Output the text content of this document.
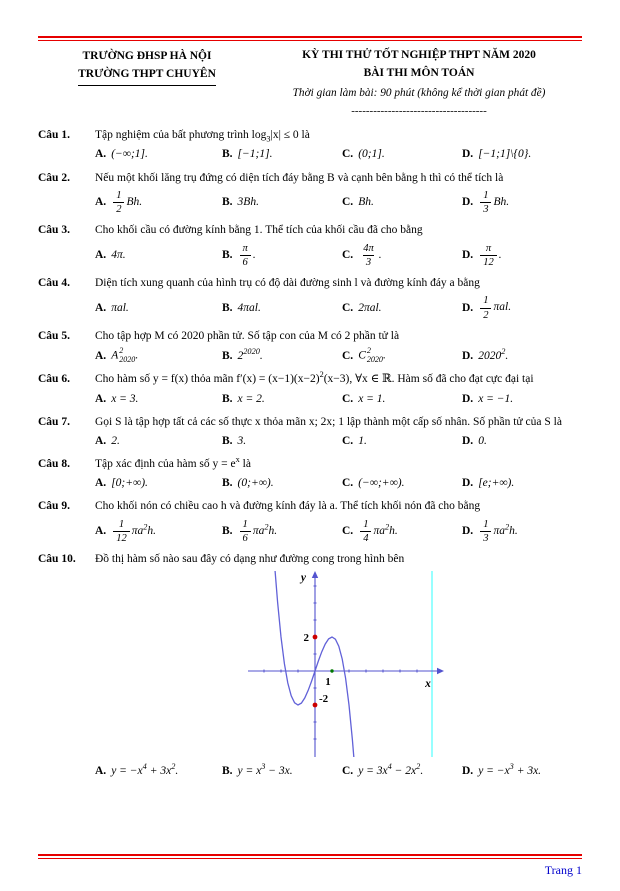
TRƯỜNG ĐHSP HÀ NỘI
TRƯỜNG THPT CHUYÊN
KỲ THI THỬ TỐT NGHIỆP THPT NĂM 2020
BÀI THI MÔN TOÁN
Thời gian làm bài: 90 phút (không kể thời gian phát đề)
-------------------------------------
Câu 1.	Tập nghiệm của bất phương trình $\log_3|x| \le 0$ là
A. (−∞;1].	B. [−1;1].	C. (0;1].	D. [−1;1]\{0}.
Câu 2.	Nếu một khối lăng trụ đứng có diện tích đáy bằng B và cạnh bên bằng h thì có thể tích là
A. $\frac{1}{2} Bh$.	B. 3Bh.	C. Bh.	D. $\frac{1}{3} Bh$.
Câu 3.	Cho khối cầu có đường kính bằng 1. Thể tích của khối cầu đã cho bằng
A. 4π.	B. $\frac{\pi}{6}$ .	C. $\frac{4\pi}{3}$ .	D. $\frac{\pi}{12}$ .
Câu 4.	Diện tích xung quanh của hình trụ có độ dài đường sinh l và đường kính đáy a bằng
A. πal.	B. 4πal.	C. 2πal.	D. $\frac{1}{2} \pi al$.
Câu 5.	Cho tập hợp M có 2020 phần tử. Số tập con của M có 2 phần tử là
A. A 2
2020 .	B. $2^{2020}$.	C. C 2
2020 .	D. 2020$^2$.
Câu 6.	Cho hàm số y = f(x) thỏa mãn $f'(x) = (x-1)(x-2)^2(x-3)$, ∀x ∈ ℝ. Hàm số đã cho đạt cực đại tại
A. x = 3.	B. x = 2.	C. x = 1.	D. x = −1.
Câu 7.	Gọi S là tập hợp tất cả các số thực x thỏa mãn x; 2x; 1 lập thành một cấp số nhân. Số phần tử của S là
A. 2.	B. 3.	C. 1.	D. 0.
Câu 8.	Tập xác định của hàm số $y = e^x$ là
A. [0;+∞).	B. (0;+∞).	C. (−∞;+∞).	D. [e;+∞).
Câu 9.	Cho khối nón có chiều cao h và đường kính đáy là a. Thể tích khối nón đã cho bằng
A. $\frac{1}{12} \pi a^2h$.	B. $\frac{1}{6} \pi a^2h$.	C. $\frac{1}{4} \pi a^2h$.	D. $\frac{1}{3} \pi a^2h$.
Câu 10.	Đồ thị hàm số nào sau đây có dạng như đường cong trong hình bên
2
-2
1	x
y
A. $y = -x^4 + 3x^2$.	B. $y = x^3 - 3x$.	C. $y = 3x^4 - 2x^2$.	D. $y = -x^3 + 3x$.
Trang 1
